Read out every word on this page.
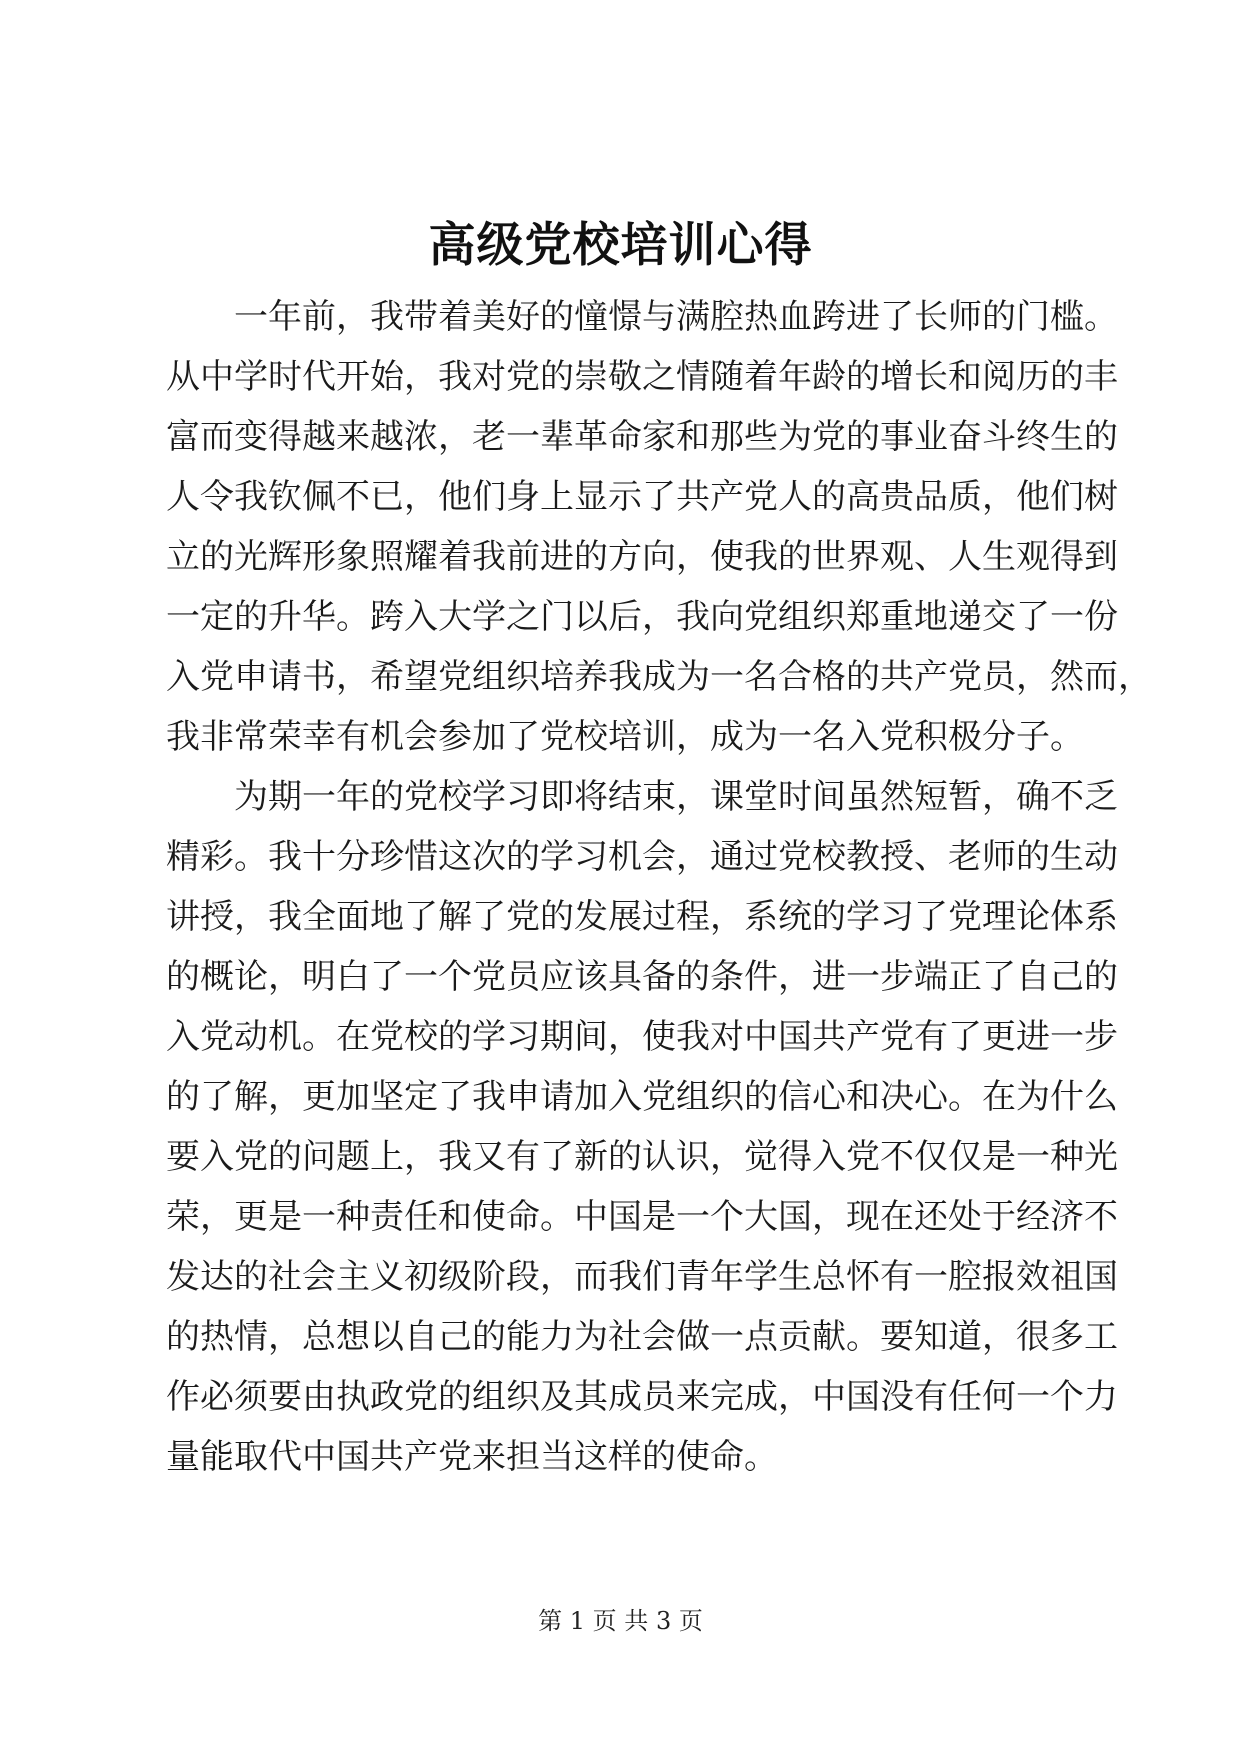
高级党校培训心得
一年前，我带着美好的憧憬与满腔热血跨进了长师的门槛。
从中学时代开始，我对党的崇敬之情随着年龄的增长和阅历的丰
富而变得越来越浓，老一辈革命家和那些为党的事业奋斗终生的
人令我钦佩不已，他们身上显示了共产党人的高贵品质，他们树
立的光辉形象照耀着我前进的方向，使我的世界观、人生观得到
一定的升华。跨入大学之门以后，我向党组织郑重地递交了一份
入党申请书，希望党组织培养我成为一名合格的共产党员，然而，
我非常荣幸有机会参加了党校培训，成为一名入党积极分子。
为期一年的党校学习即将结束，课堂时间虽然短暂，确不乏
精彩。我十分珍惜这次的学习机会，通过党校教授、老师的生动
讲授，我全面地了解了党的发展过程，系统的学习了党理论体系
的概论，明白了一个党员应该具备的条件，进一步端正了自己的
入党动机。在党校的学习期间，使我对中国共产党有了更进一步
的了解，更加坚定了我申请加入党组织的信心和决心。在为什么
要入党的问题上，我又有了新的认识，觉得入党不仅仅是一种光
荣，更是一种责任和使命。中国是一个大国，现在还处于经济不
发达的社会主义初级阶段，而我们青年学生总怀有一腔报效祖国
的热情，总想以自己的能力为社会做一点贡献。要知道，很多工
作必须要由执政党的组织及其成员来完成，中国没有任何一个力
量能取代中国共产党来担当这样的使命。
第 1 页 共 3 页
